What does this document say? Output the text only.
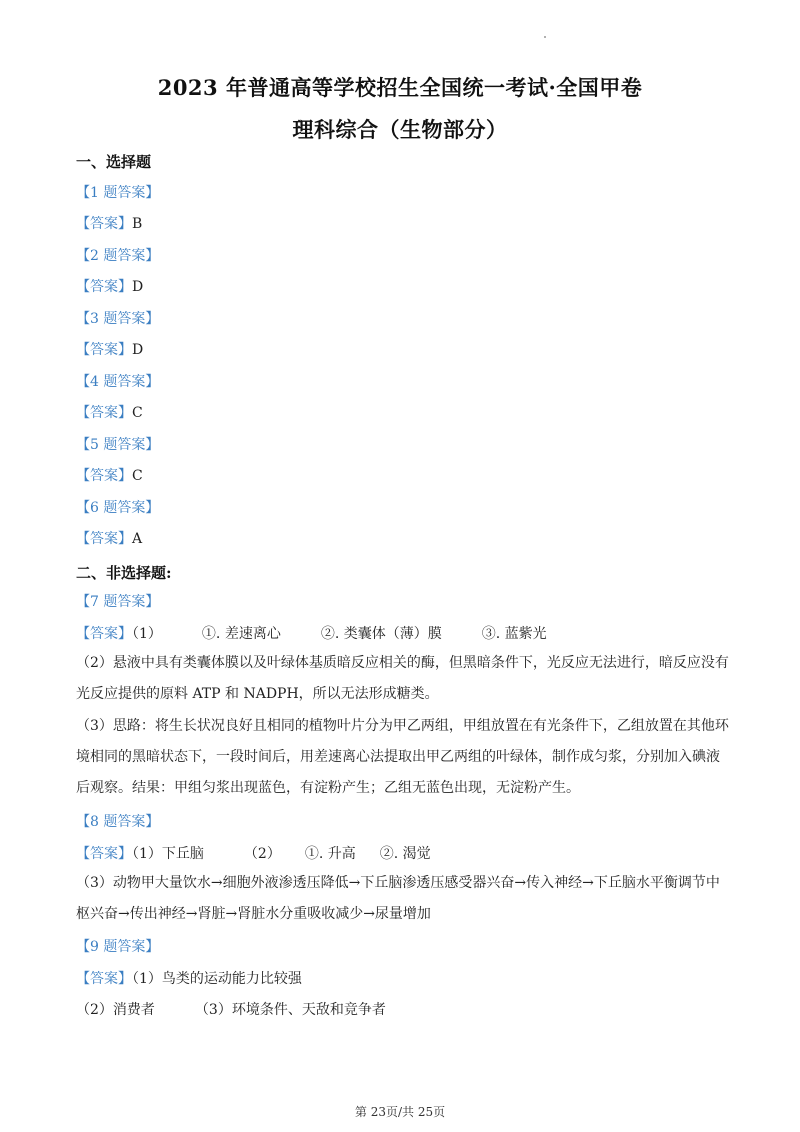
2023 年普通高等学校招生全国统一考试·全国甲卷
理科综合（生物部分）
一、选择题
【1 题答案】
【答案】B
【2 题答案】
【答案】D
【3 题答案】
【答案】D
【4 题答案】
【答案】C
【5 题答案】
【答案】C
【6 题答案】
【答案】A
二、非选择题:
【7 题答案】
【答案】（1）	①. 差速离心	②. 类囊体（薄）膜	③. 蓝紫光
（2）悬液中具有类囊体膜以及叶绿体基质暗反应相关的酶，但黑暗条件下，光反应无法进行，暗反应没有光反应提供的原料 ATP 和 NADPH，所以无法形成糖类。
（3）思路：将生长状况良好且相同的植物叶片分为甲乙两组，甲组放置在有光条件下，乙组放置在其他环境相同的黑暗状态下，一段时间后，用差速离心法提取出甲乙两组的叶绿体，制作成匀浆，分别加入碘液后观察。结果：甲组匀浆出现蓝色，有淀粉产生；乙组无蓝色出现，无淀粉产生。
【8 题答案】
【答案】（1）下丘脑	（2） ①. 升高 ②. 渴觉
（3）动物甲大量饮水→细胞外液渗透压降低→下丘脑渗透压感受器兴奋→传入神经→下丘脑水平衡调节中枢兴奋→传出神经→肾脏→肾脏水分重吸收减少→尿量增加
【9 题答案】
【答案】（1）鸟类的运动能力比较强
（2）消费者	（3）环境条件、天敌和竞争者
第 23页/共 25页
